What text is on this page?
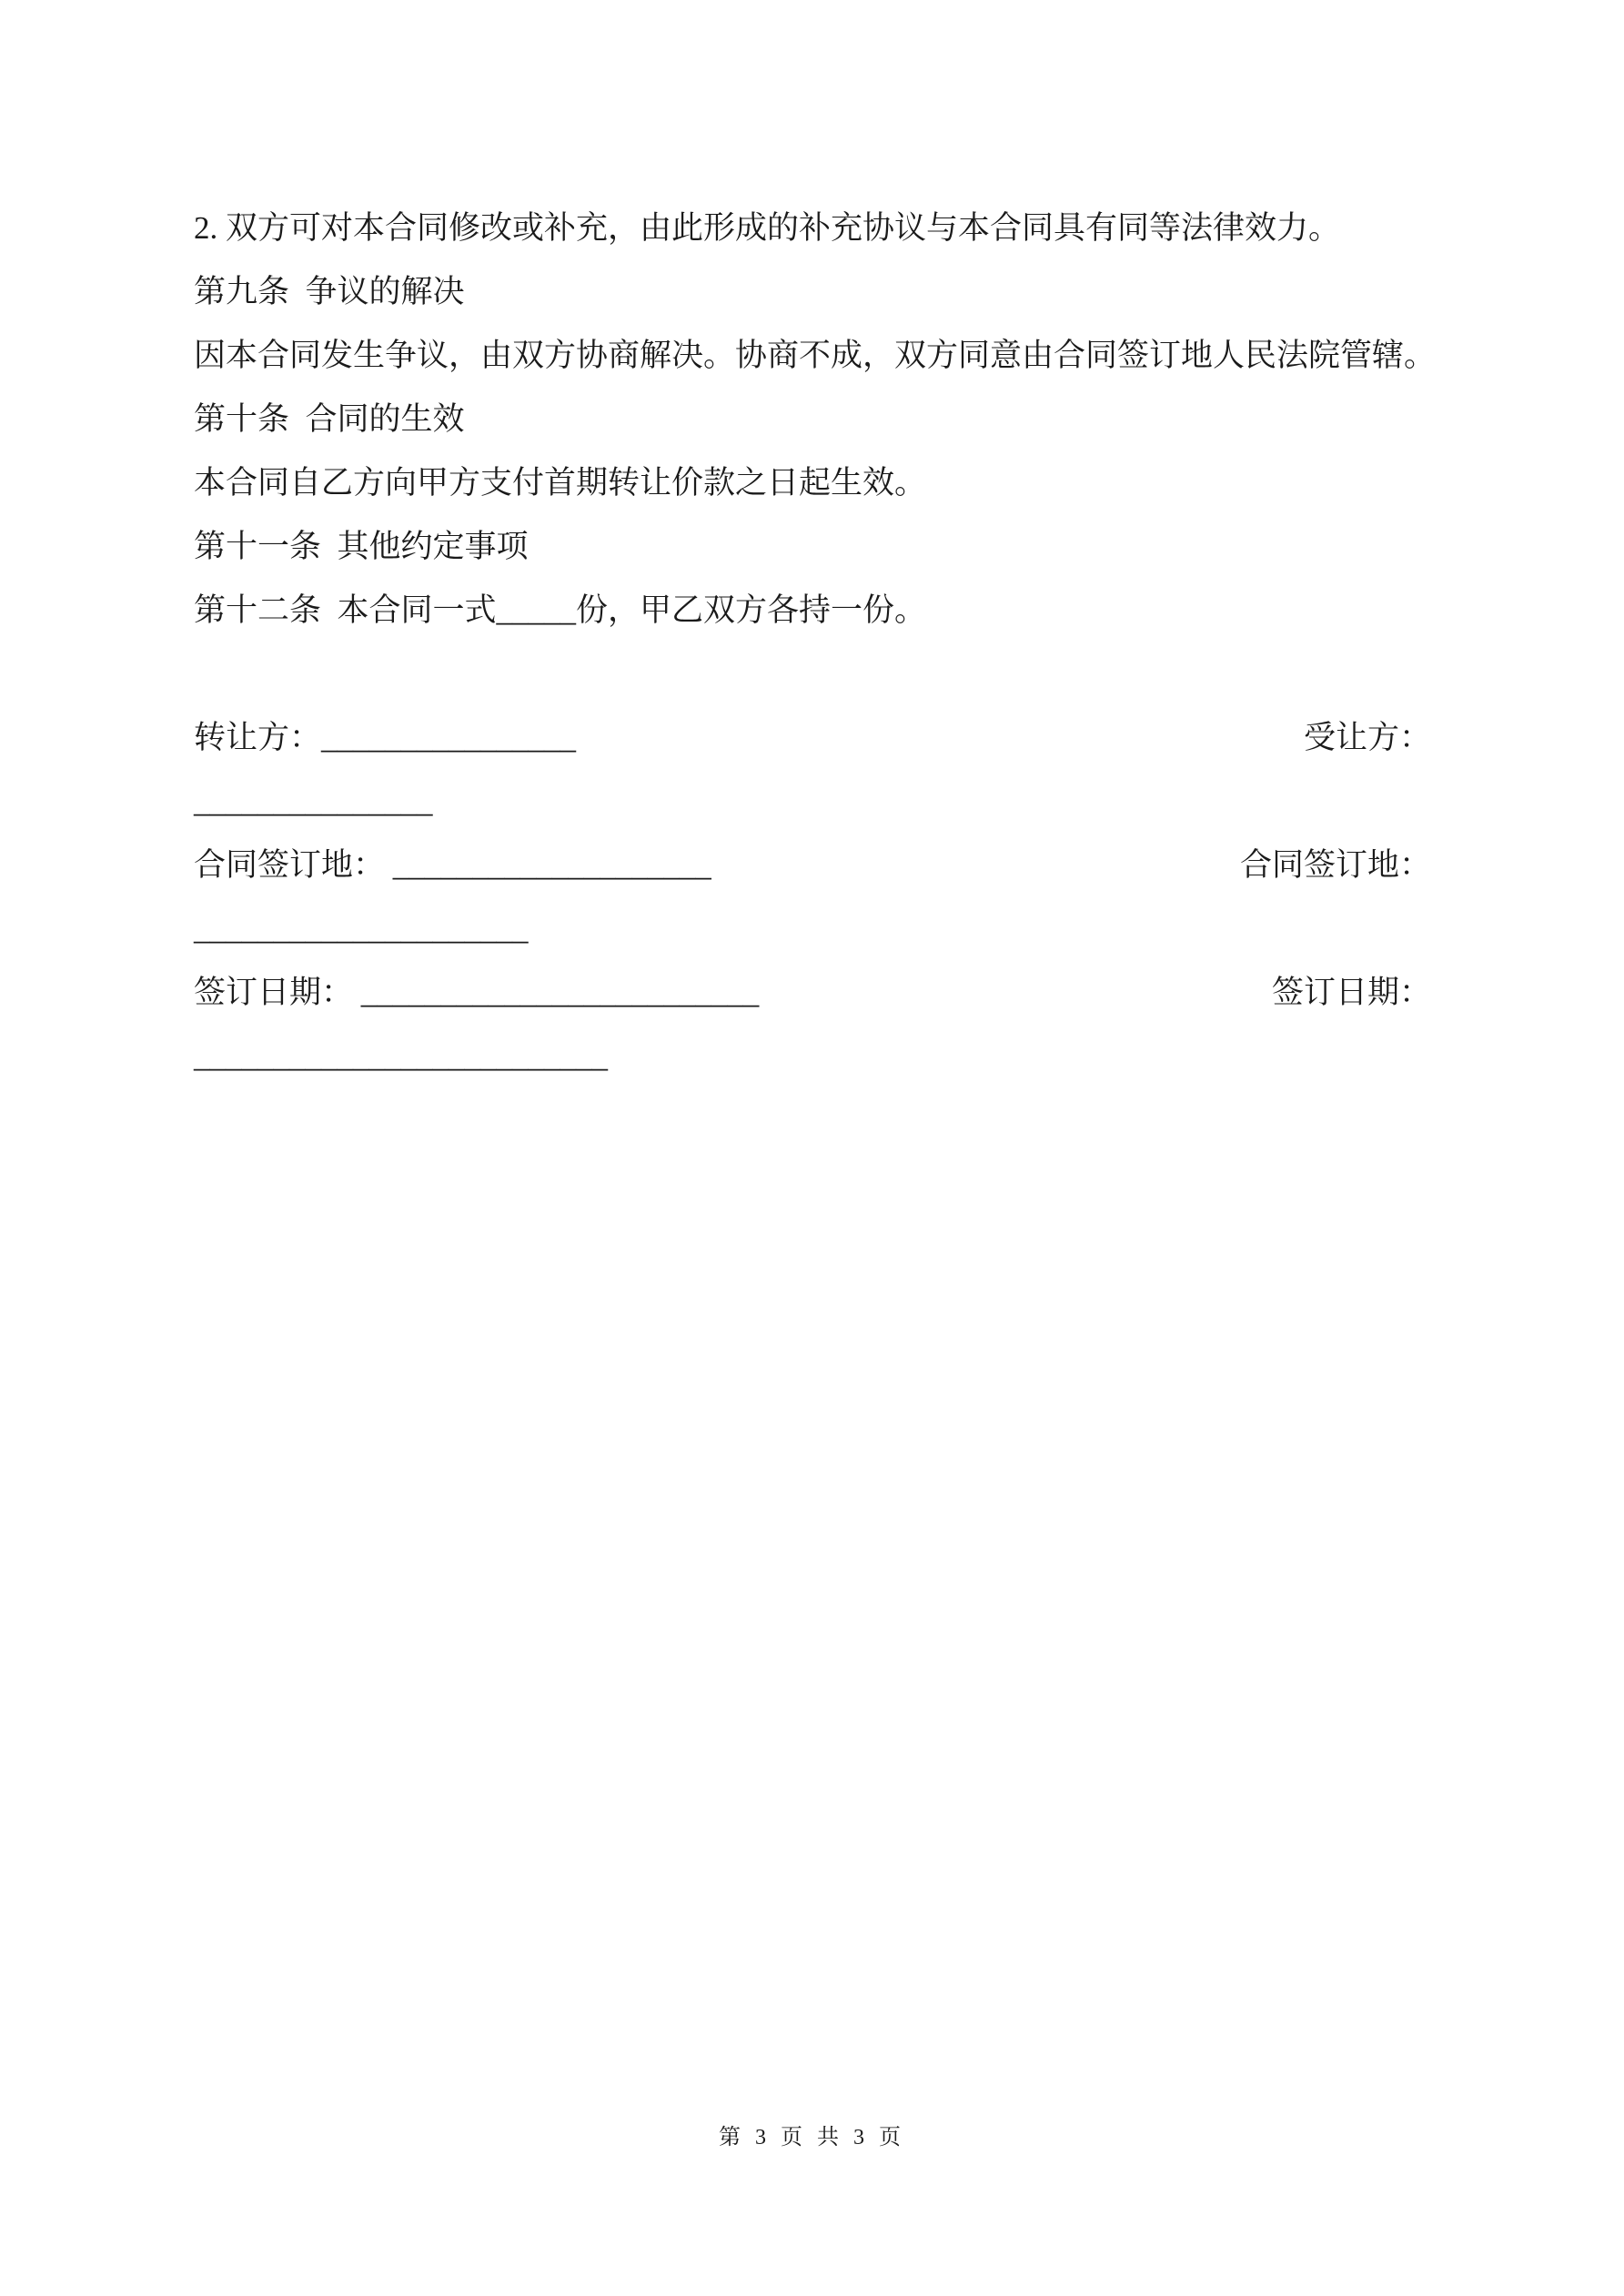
2. 双方可对本合同修改或补充，由此形成的补充协议与本合同具有同等法律效力。

第九条  争议的解决

因本合同发生争议，由双方协商解决。协商不成，双方同意由合同签订地人民法院管辖。

第十条  合同的生效

本合同自乙方向甲方支付首期转让价款之日起生效。

第十一条  其他约定事项

第十二条  本合同一式_____份，甲乙双方各持一份。

转让方：________________	受让方：
_______________
合同签订地： ____________________	合同签订地：
_____________________
签订日期： _________________________	签订日期：
__________________________
第 3 页 共 3 页
